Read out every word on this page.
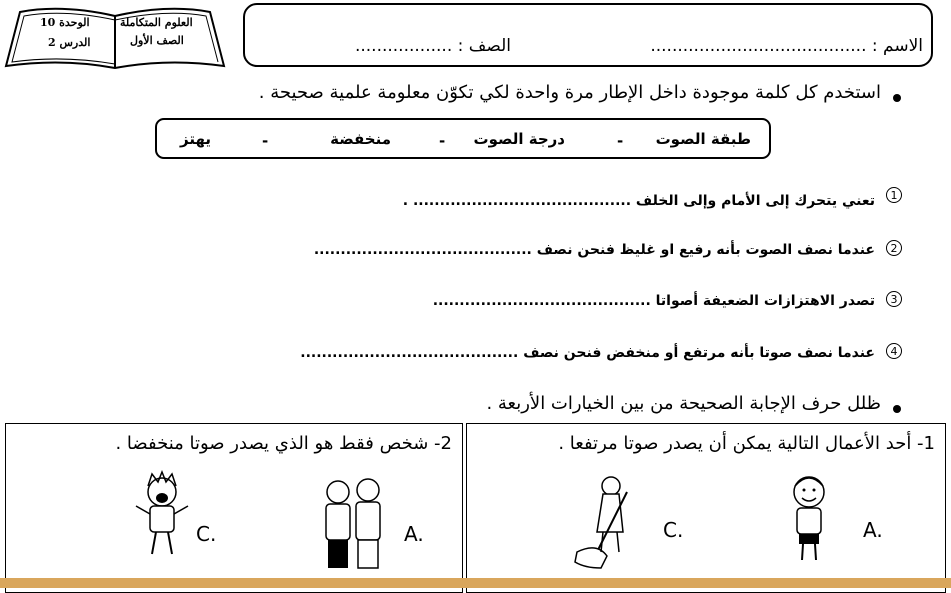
الاسم : ........................................
الصف : ..................
العلوم المتكاملة
الوحدة 10
الصف الأول
الدرس 2
استخدم كل كلمة موجودة داخل الإطار مرة واحدة لكي تكوّن معلومة علمية صحيحة .
طبقة الصوت
-
درجة الصوت
-
منخفضة
-
يهتز
1
تعني يتحرك إلى الأمام وإلى الخلف ......................................... .
2
عندما نصف الصوت بأنه رفيع او غليظ فنحن نصف .........................................
3
تصدر الاهتزازات الضعيفة أصواتا .........................................
4
عندما نصف صوتا بأنه مرتفع أو منخفض فنحن نصف .........................................
ظلل حرف الإجابة الصحيحة من بين الخيارات الأربعة .
1- أحد الأعمال التالية يمكن أن يصدر صوتا مرتفعا .
A.
C.
2- شخص فقط هو الذي يصدر صوتا منخفضا .
A.
C.
